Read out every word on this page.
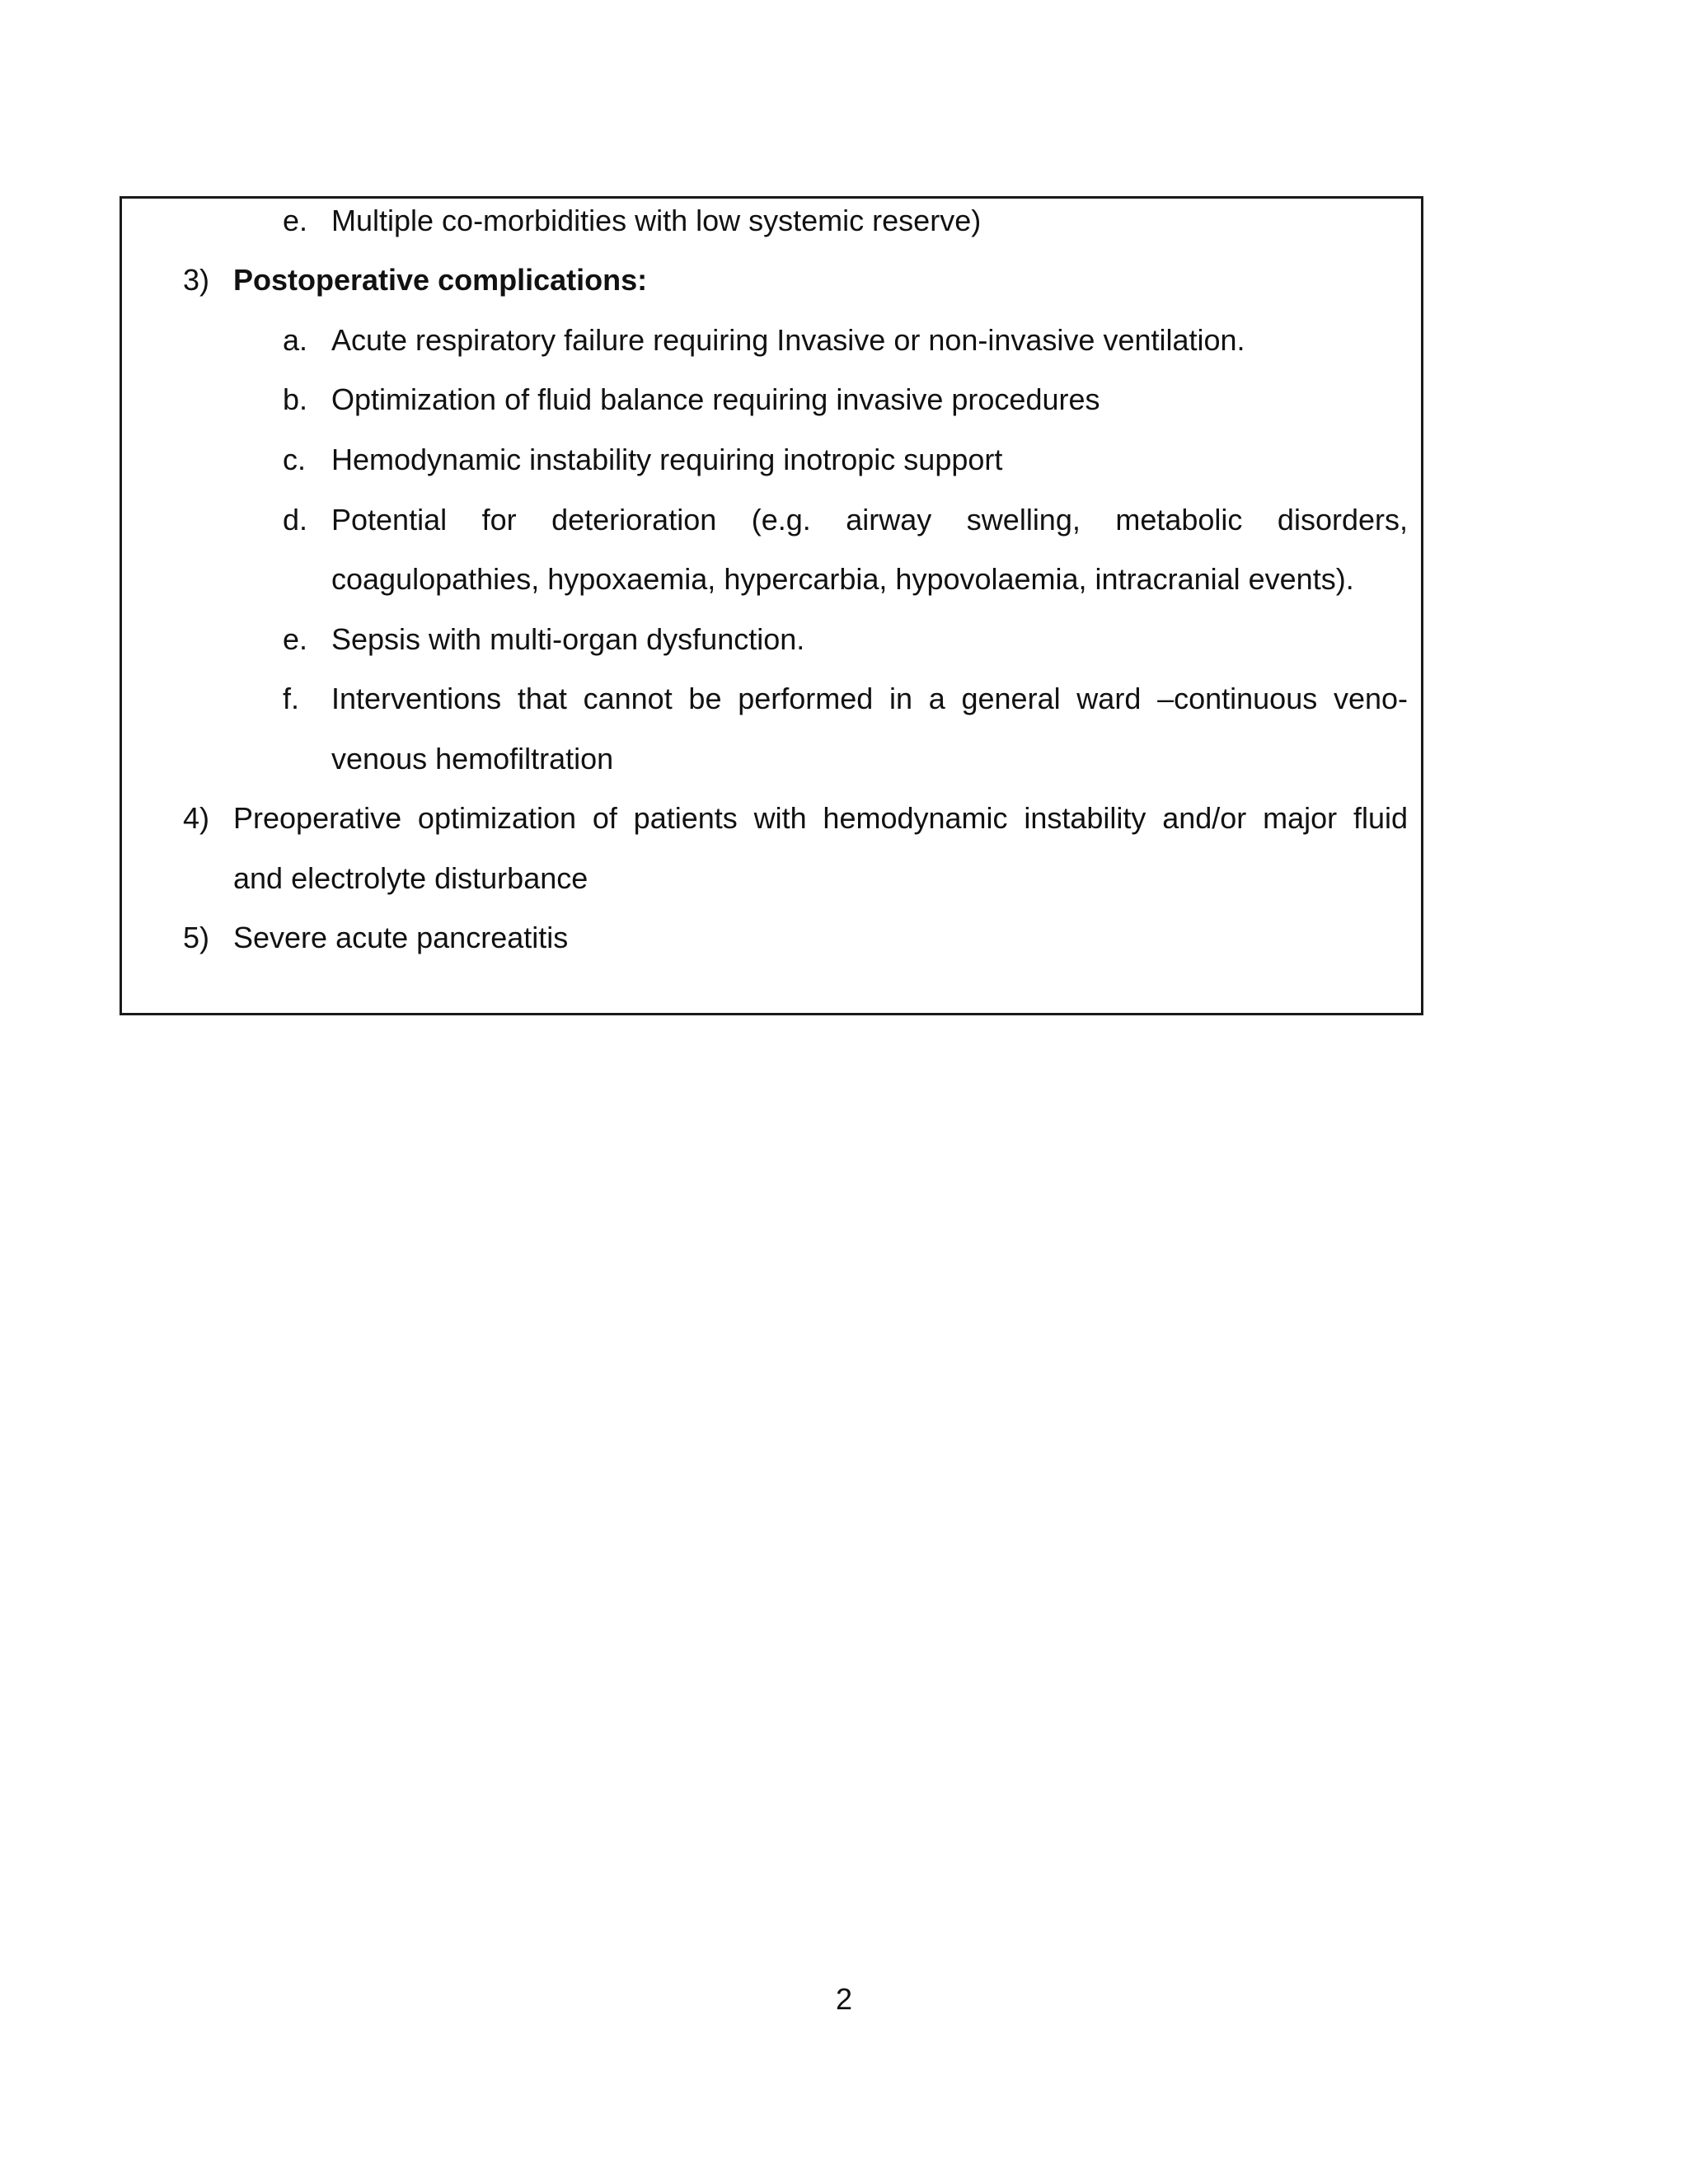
e. Multiple co-morbidities with low systemic reserve)
3) Postoperative complications:
a. Acute respiratory failure requiring Invasive or non-invasive ventilation.
b. Optimization of fluid balance requiring invasive procedures
c. Hemodynamic instability requiring inotropic support
d. Potential for deterioration (e.g. airway swelling, metabolic disorders,
coagulopathies, hypoxaemia, hypercarbia, hypovolaemia, intracranial events).
e. Sepsis with multi-organ dysfunction.
f. Interventions that cannot be performed in a general ward –continuous veno-
venous hemofiltration
4) Preoperative optimization of patients with hemodynamic instability and/or major fluid
and electrolyte disturbance
5) Severe acute pancreatitis
2
